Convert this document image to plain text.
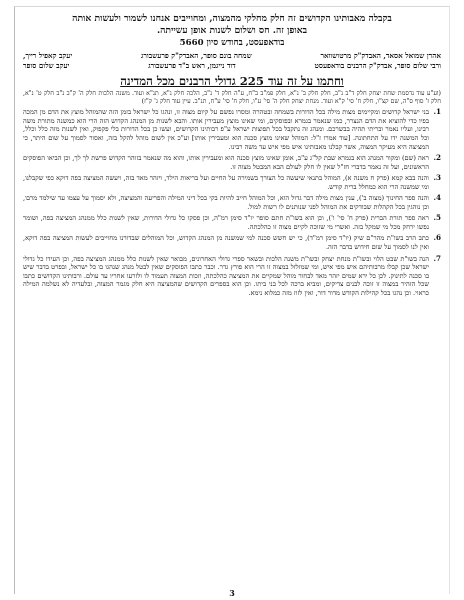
בקבלה מאבותינו הקדושים זה חלק מחלקי מהמצוה, ומחוייבים אנחנו לשמור ולעשות אותה

באופן זה. חס ושלום לשנות אופן עשייתה.

בודאפעסט, בחודש סיון 5660

אהרן שמואל אסאד, האבדק"ק מרטושוואר
שמחה בונם סופר, האבדק"ק פרעשבורג
יעקב קאפיל רייך,
ורבי שלום סופר, אבדק"ק הרבנים בודאפעסט
דוד נייגמן, ראש ב"ד פרעשבורג
יעקב שלום סופר
וחתמו על זה עוד 225 גדולי הרבנים מכל המדינה

(וע"ע עוד נדסמת שחת יצחק חלק ד"ב נ"ב, חלק חלק ב' נ"א, חלק פמ"ב ב"ח, ע"ה חלק ד' נ"ב, הלכה חלק נ"א, תנ"א ועוד. משנה הלכות חלק ה' ק"ב נ"ב חלק ט' נ"א, חלק ז' סוף ס"ה, שם קצ"ו, חלק ח' סי' ק"א ועוד. מנחת יצחק חלק ה' סי' ע"ו, חלק ח' סי' ע"ח, תנ"ב. עיין עוד חלק ג' ק"ז)

1.
בני ישראל קדושים ומקיימים מצות מילה בכל הדורות בשמחה ובטהרה ומסרו נפשם על קיום מצוה זו, ונהגו כל ישראל בזמן הזה שהמוהל מוצץ את הדם מן המכה בפיו כדי להוציא את הדם הנצרר, כמו שנאמר בגמרא ובפוסקים, ומי שאינו מוצץ מעבירין אותו. והבא לשנות מן המנהג הקדוש הזה הרי הוא כמשנה מתורת משה רבינו, ועליו נאמר ובריתי תהיה בבשרכם. ומנהג זה נתקבל בכל תפוצות ישראל ע"פ רבותינו הקדושים, ועשו כן בכל הדורות בלי פקפוק, ואין לשנות מזה כלל וכלל, וכל המשנה ידו על התחתונה. [עוד אמרו ז"ל: המוהל שאינו מוצץ סכנה הוא ומעבירין אותו] וע"כ אין לשום מוהל להקל בזה, ואסור לסמוך על שום היתר, כי המציצה היא מעיקר המצוה, אשר קבלנו מאבותינו איש מפי איש עד משה רבינו.
2.
ראה (שם) ומקור המנהג הוא בגמרא שבת קל"ג ע"ב, אומן שאינו מוצץ סכנה הוא ומעבירין אותו, והוא מה שנאמר בזוהר הקדוש פרשת לך לך, וכן הביאו הפוסקים הראשונים, ועל זה נאמר בדברי חז"ל שאין לו חלק לעולם הבא המבטל מצוה זו.
3.
והנה בבא קמא (פרק ח משנה א), המוהל בתנאי שיעשה כל הצורך בשמירה על החיים ועל בריאות הילד, ויזהר מאד בזה, ויעשה המציצה בפה דוקא כפי שקבלנו, ומי שמשנה הרי הוא כמחלל ברית קודש.
4.
והנה ספר החינוך (מצוה ב'), ענין מצות מילה דבר גדול הוא, וכל המוהל חייב להיות בקי בכל דיני המילה והפריעה והמציצה, ולא יסמוך על עצמו עד שילמד מרבו, וכן נוהגין בכל הקהלות שבודקים את המוהל לפני שנותנים לו רשות למול.
5.
ראה ספר תורת הברית (פרק ח' סי' ו'), וכן הוא בשו"ת חתם סופר יו"ד סימן רמ"ה, וכן פסקו כל גדולי הדורות, שאין לשנות כלל ממנהג המציצה בפה, ושומר נפשו ירחק מכל מי שמקל בזה. ואשרי מי שזוכה לקיים מצוה זו כהלכתה.
6.
כתב הרב בשו"ת מהר"ם שיק (יו"ד סימן רמ"ד), כי יש חשש סכנה למי שמשנה מן המנהג הקדוש, וכל המוהלים שבדורנו מחוייבים לעשות המציצה בפה דוקא, ואין לנו לסמוך על שום חידוש בדבר הזה.
7.
הנה בשו"ת שבט הלוי ובשו"ת מנחת יצחק ובשו"ת משנה הלכות ובשאר ספרי גדולי האחרונים, מבואר שאין לשנות כלל ממנהג המציצה בפה, וכן העידו כל גדולי ישראל שכן קבלו מרבותיהם איש מפי איש, ומי שמזלזל במצוה זו הרי הוא פורץ גדר. וכבר כתבו הפוסקים שאין לבטל מנהג שנהגו בו כל ישראל, ובפרט בדבר שיש בו סכנה לתינוק. לכן כל ירא שמים יזהר מאד לבחור מוהל שמקיים את המציצה כהלכתה, וזכות המצוה תעמוד לו ולזרעו אחריו עד עולם. ורבותינו הקדושים כתבו שכל הזהיר במצוה זו זוכה לבנים צדיקים, ומביא ברכה לכל בני ביתו. וכן הוא בספרים הקדושים שהמציצה היא חלק מגמר המצוה, ובלעדיה לא נשלמה המילה כראוי. וכן נהגו בכל קהילות הקודש מדור דור, ואין לזוז מזה כמלוא נימא.
3
